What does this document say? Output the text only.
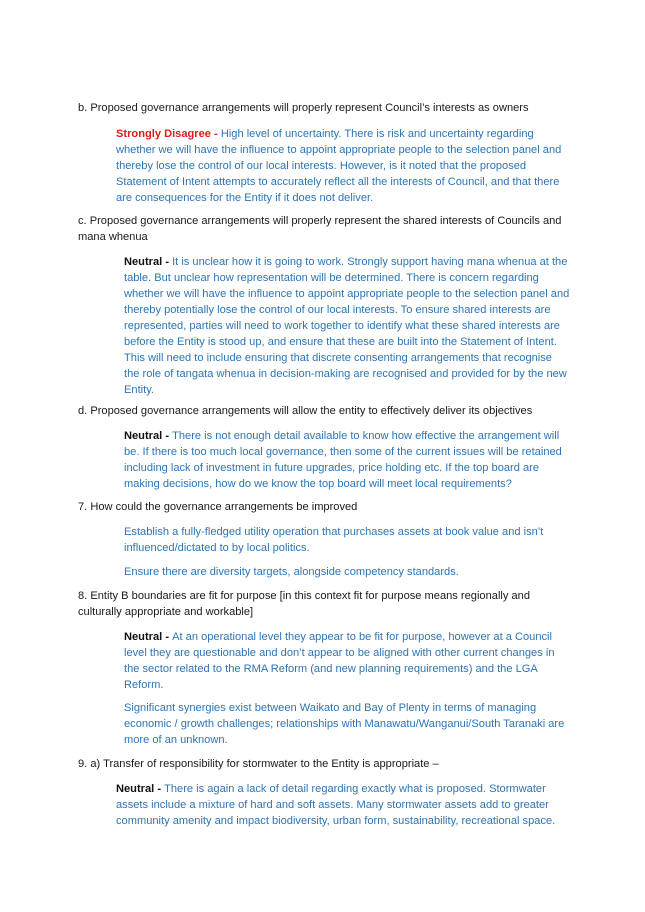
b. Proposed governance arrangements will properly represent Council’s interests as owners
Strongly Disagree - High level of uncertainty. There is risk and uncertainty regarding whether we will have the influence to appoint appropriate people to the selection panel and thereby lose the control of our local interests. However, is it noted that the proposed Statement of Intent attempts to accurately reflect all the interests of Council, and that there are consequences for the Entity if it does not deliver.
c. Proposed governance arrangements will properly represent the shared interests of Councils and mana whenua
Neutral - It is unclear how it is going to work. Strongly support having mana whenua at the table. But unclear how representation will be determined. There is concern regarding whether we will have the influence to appoint appropriate people to the selection panel and thereby potentially lose the control of our local interests. To ensure shared interests are represented, parties will need to work together to identify what these shared interests are before the Entity is stood up, and ensure that these are built into the Statement of Intent. This will need to include ensuring that discrete consenting arrangements that recognise the role of tangata whenua in decision-making are recognised and provided for by the new Entity.
d. Proposed governance arrangements will allow the entity to effectively deliver its objectives
Neutral - There is not enough detail available to know how effective the arrangement will be. If there is too much local governance, then some of the current issues will be retained including lack of investment in future upgrades, price holding etc. If the top board are making decisions, how do we know the top board will meet local requirements?
7. How could the governance arrangements be improved
Establish a fully-fledged utility operation that purchases assets at book value and isn’t influenced/dictated to by local politics.
Ensure there are diversity targets, alongside competency standards.
8. Entity B boundaries are fit for purpose [in this context fit for purpose means regionally and culturally appropriate and workable]
Neutral - At an operational level they appear to be fit for purpose, however at a Council level they are questionable and don’t appear to be aligned with other current changes in the sector related to the RMA Reform (and new planning requirements) and the LGA Reform.
Significant synergies exist between Waikato and Bay of Plenty in terms of managing economic / growth challenges; relationships with Manawatu/Wanganui/South Taranaki are more of an unknown.
9. a) Transfer of responsibility for stormwater to the Entity is appropriate –
Neutral - There is again a lack of detail regarding exactly what is proposed. Stormwater assets include a mixture of hard and soft assets. Many stormwater assets add to greater community amenity and impact biodiversity, urban form, sustainability, recreational space.
